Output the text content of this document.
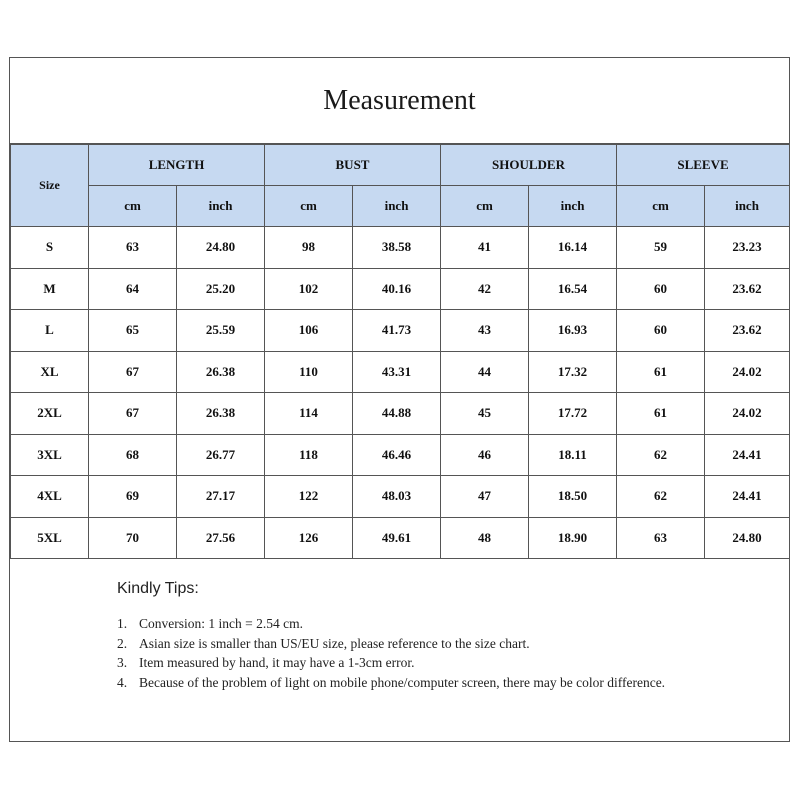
Measurement
Size	LENGTH		BUST		SHOULDER		SLEEVE	
	cm	inch	cm	inch	cm	inch	cm	inch
S	63	24.80	98	38.58	41	16.14	59	23.23
M	64	25.20	102	40.16	42	16.54	60	23.62
L	65	25.59	106	41.73	43	16.93	60	23.62
XL	67	26.38	110	43.31	44	17.32	61	24.02
2XL	67	26.38	114	44.88	45	17.72	61	24.02
3XL	68	26.77	118	46.46	46	18.11	62	24.41
4XL	69	27.17	122	48.03	47	18.50	62	24.41
5XL	70	27.56	126	49.61	48	18.90	63	24.80
Kindly Tips:
1. Conversion: 1 inch = 2.54 cm.
2. Asian size is smaller than US/EU size, please reference to the size chart.
3. Item measured by hand, it may have a 1-3cm error.
4. Because of the problem of light on mobile phone/computer screen, there may be color difference.
